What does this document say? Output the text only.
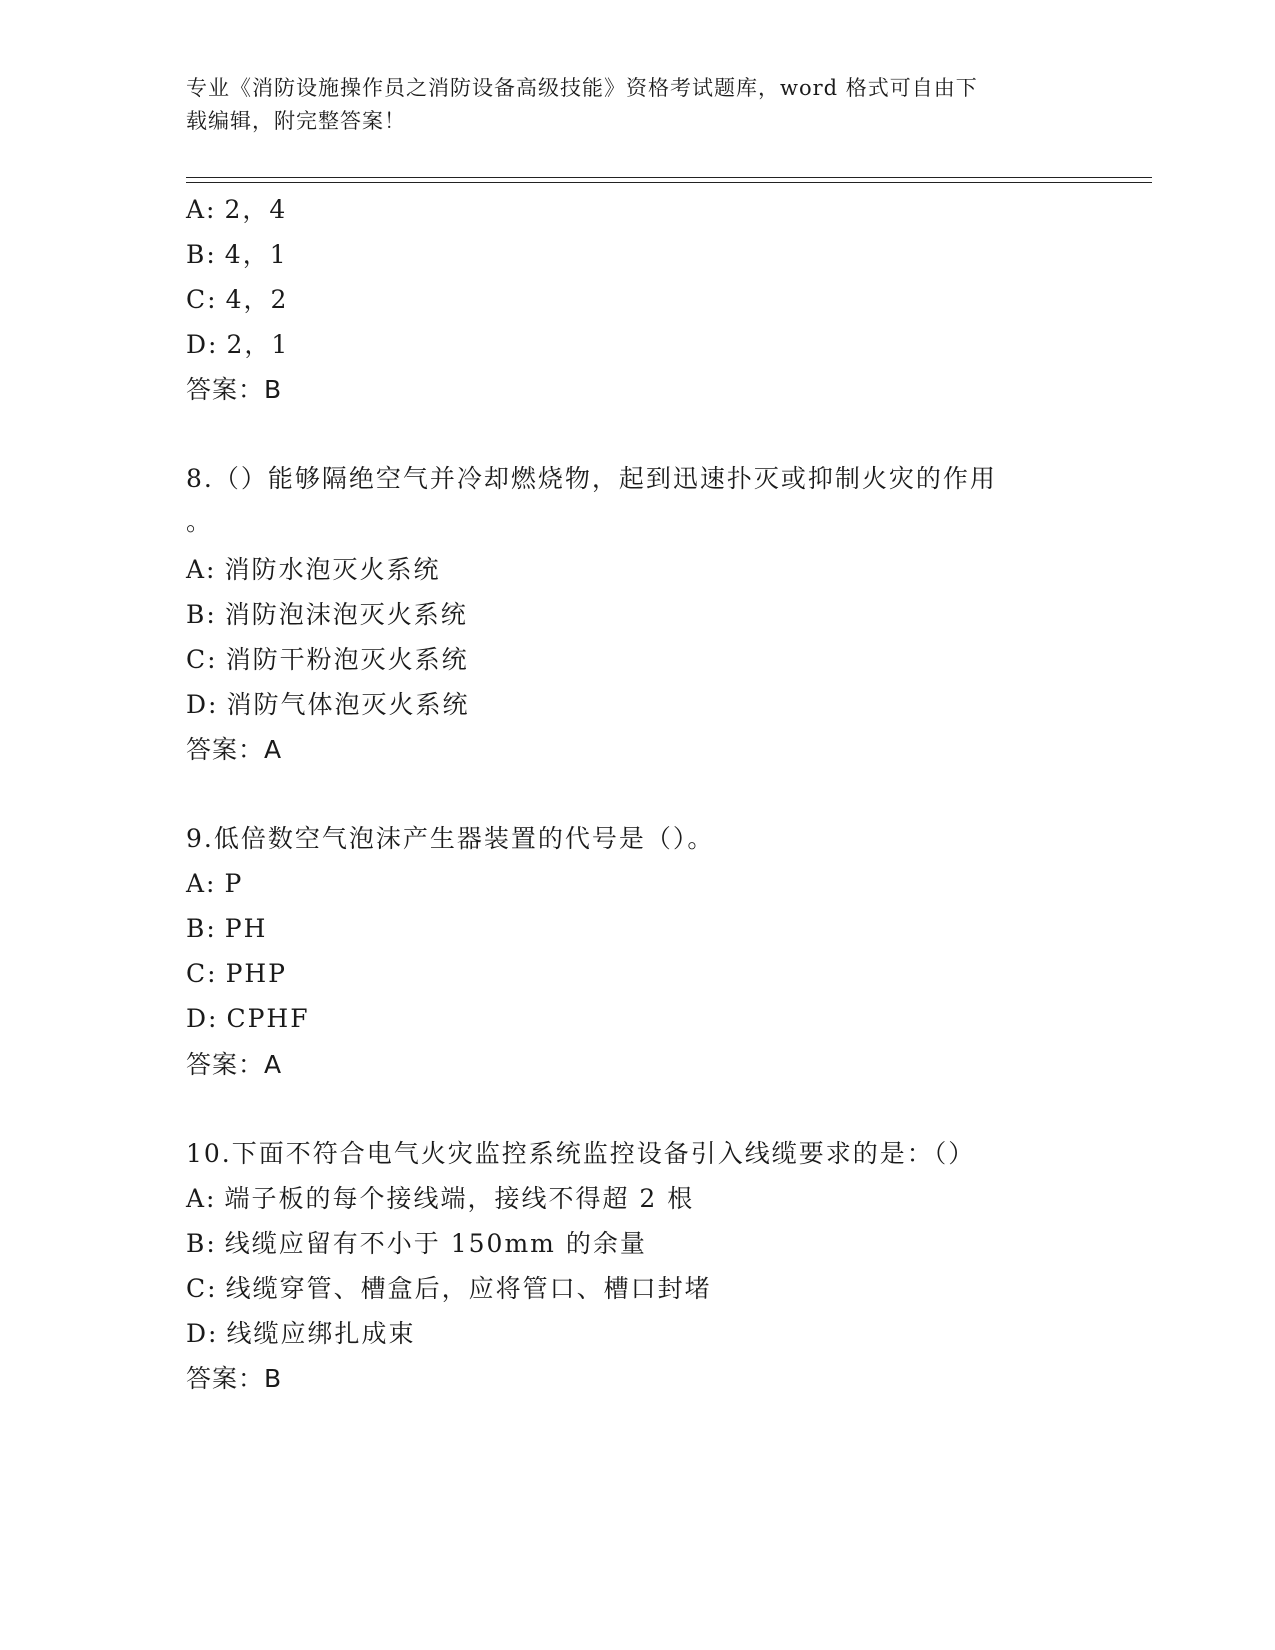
专业《消防设施操作员之消防设备高级技能》资格考试题库，word 格式可自由下
载编辑，附完整答案！

A: 2，4

B: 4，1

C: 4，2

D: 2，1

答案：B

8.（）能够隔绝空气并冷却燃烧物，起到迅速扑灭或抑制火灾的作用

。

A: 消防水泡灭火系统

B: 消防泡沫泡灭火系统

C: 消防干粉泡灭火系统

D: 消防气体泡灭火系统

答案：A

9.低倍数空气泡沫产生器装置的代号是（）。

A: P

B: PH

C: PHP

D: CPHF

答案：A

10.下面不符合电气火灾监控系统监控设备引入线缆要求的是：（）

A: 端子板的每个接线端，接线不得超 2 根

B: 线缆应留有不小于 150mm 的余量

C: 线缆穿管、槽盒后，应将管口、槽口封堵

D: 线缆应绑扎成束

答案：B
